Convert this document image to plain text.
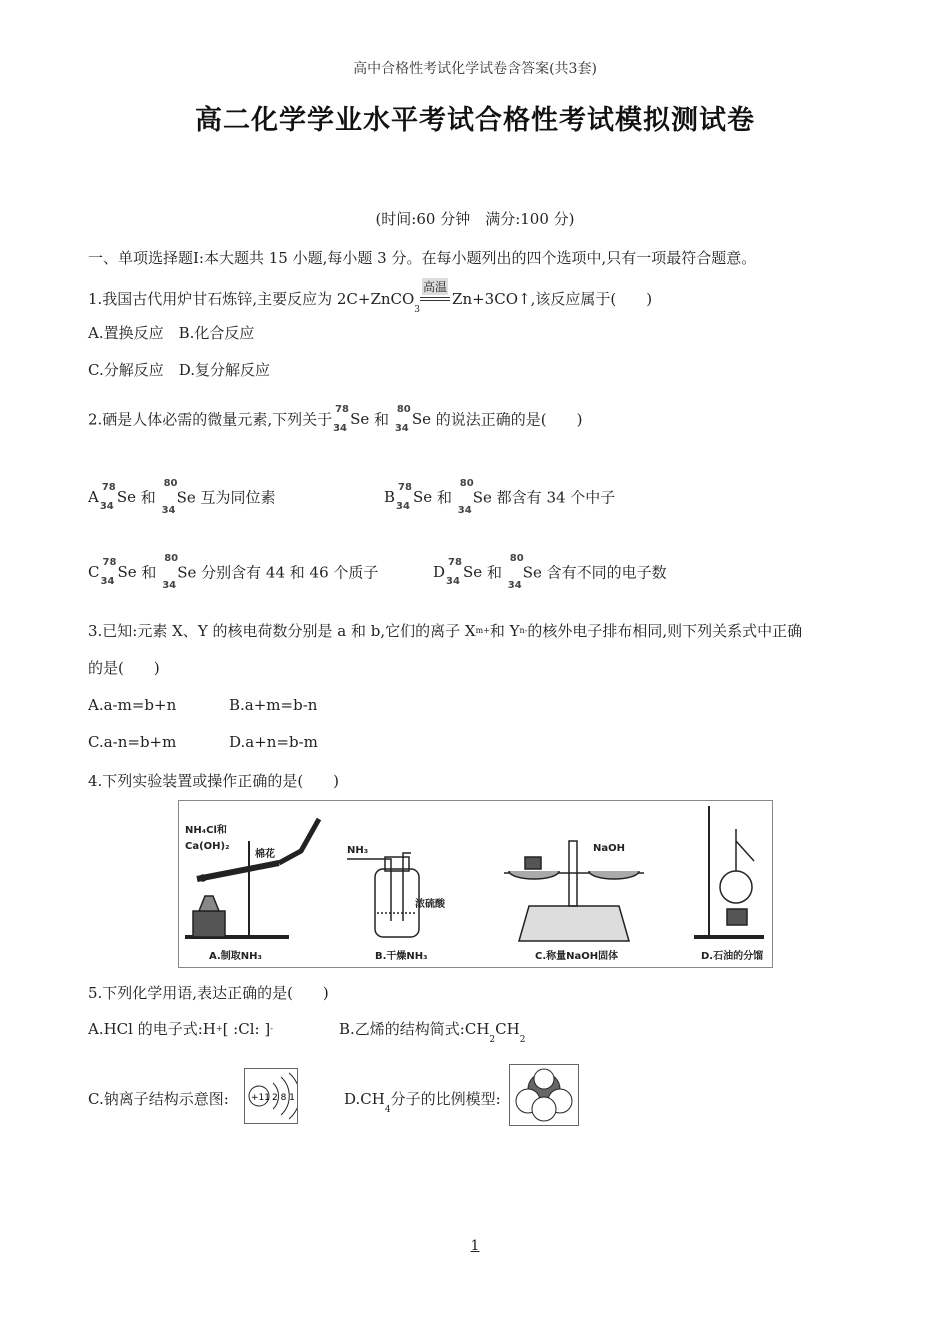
高中合格性考试化学试卷含答案(共3套)
高二化学学业水平考试合格性考试模拟测试卷
(时间:60 分钟　满分:100 分)
一、单项选择题Ⅰ:本大题共 15 小题,每小题 3 分。在每小题列出的四个选项中,只有一项最符合题意。
1.我国古代用炉甘石炼锌,主要反应为 2C+ZnCO$_3$
高温
Zn+3CO↑,该反应属于(　　)
A.置换反应　B.化合反应
C.分解反应　D.复分解反应
2.硒是人体必需的微量元素,下列关于
78
34
Se 和
80
34
Se 的说法正确的是(　　)
A
78
34
Se 和
80
34
Se 互为同位素	B
78
34
Se 和
80
34
Se 都含有 34 个中子
C
78
34
Se 和
80
34
Se 分别含有 44 和 46 个质子	D
78
34
Se 和
80
34
Se 含有不同的电子数
3.已知:元素 X、Y 的核电荷数分别是 a 和 b,它们的离子 $X^{m+}$和 $Y^{n-}$的核外电子排布相同,则下列关系式中正确
的是(　　)
A.a-m=b+n	B.a+m=b-n
C.a-n=b+m	D.a+n=b-m
4.下列实验装置或操作正确的是(　　)
NH₄Cl和
Ca(OH)₂
棉花	NH₃
浓硫酸
NaOH
A.制取NH₃	B.干燥NH₃	C.称量NaOH固体	D.石油的分馏
5.下列化学用语,表达正确的是(　　)
A.HCl 的电子式:H+[ :Cl: ]-	B.乙烯的结构简式$:CH_2CH_2$
C.钠离子结构示意图: +11 2 8 1	$D.CH_4$分子的比例模型:
1
